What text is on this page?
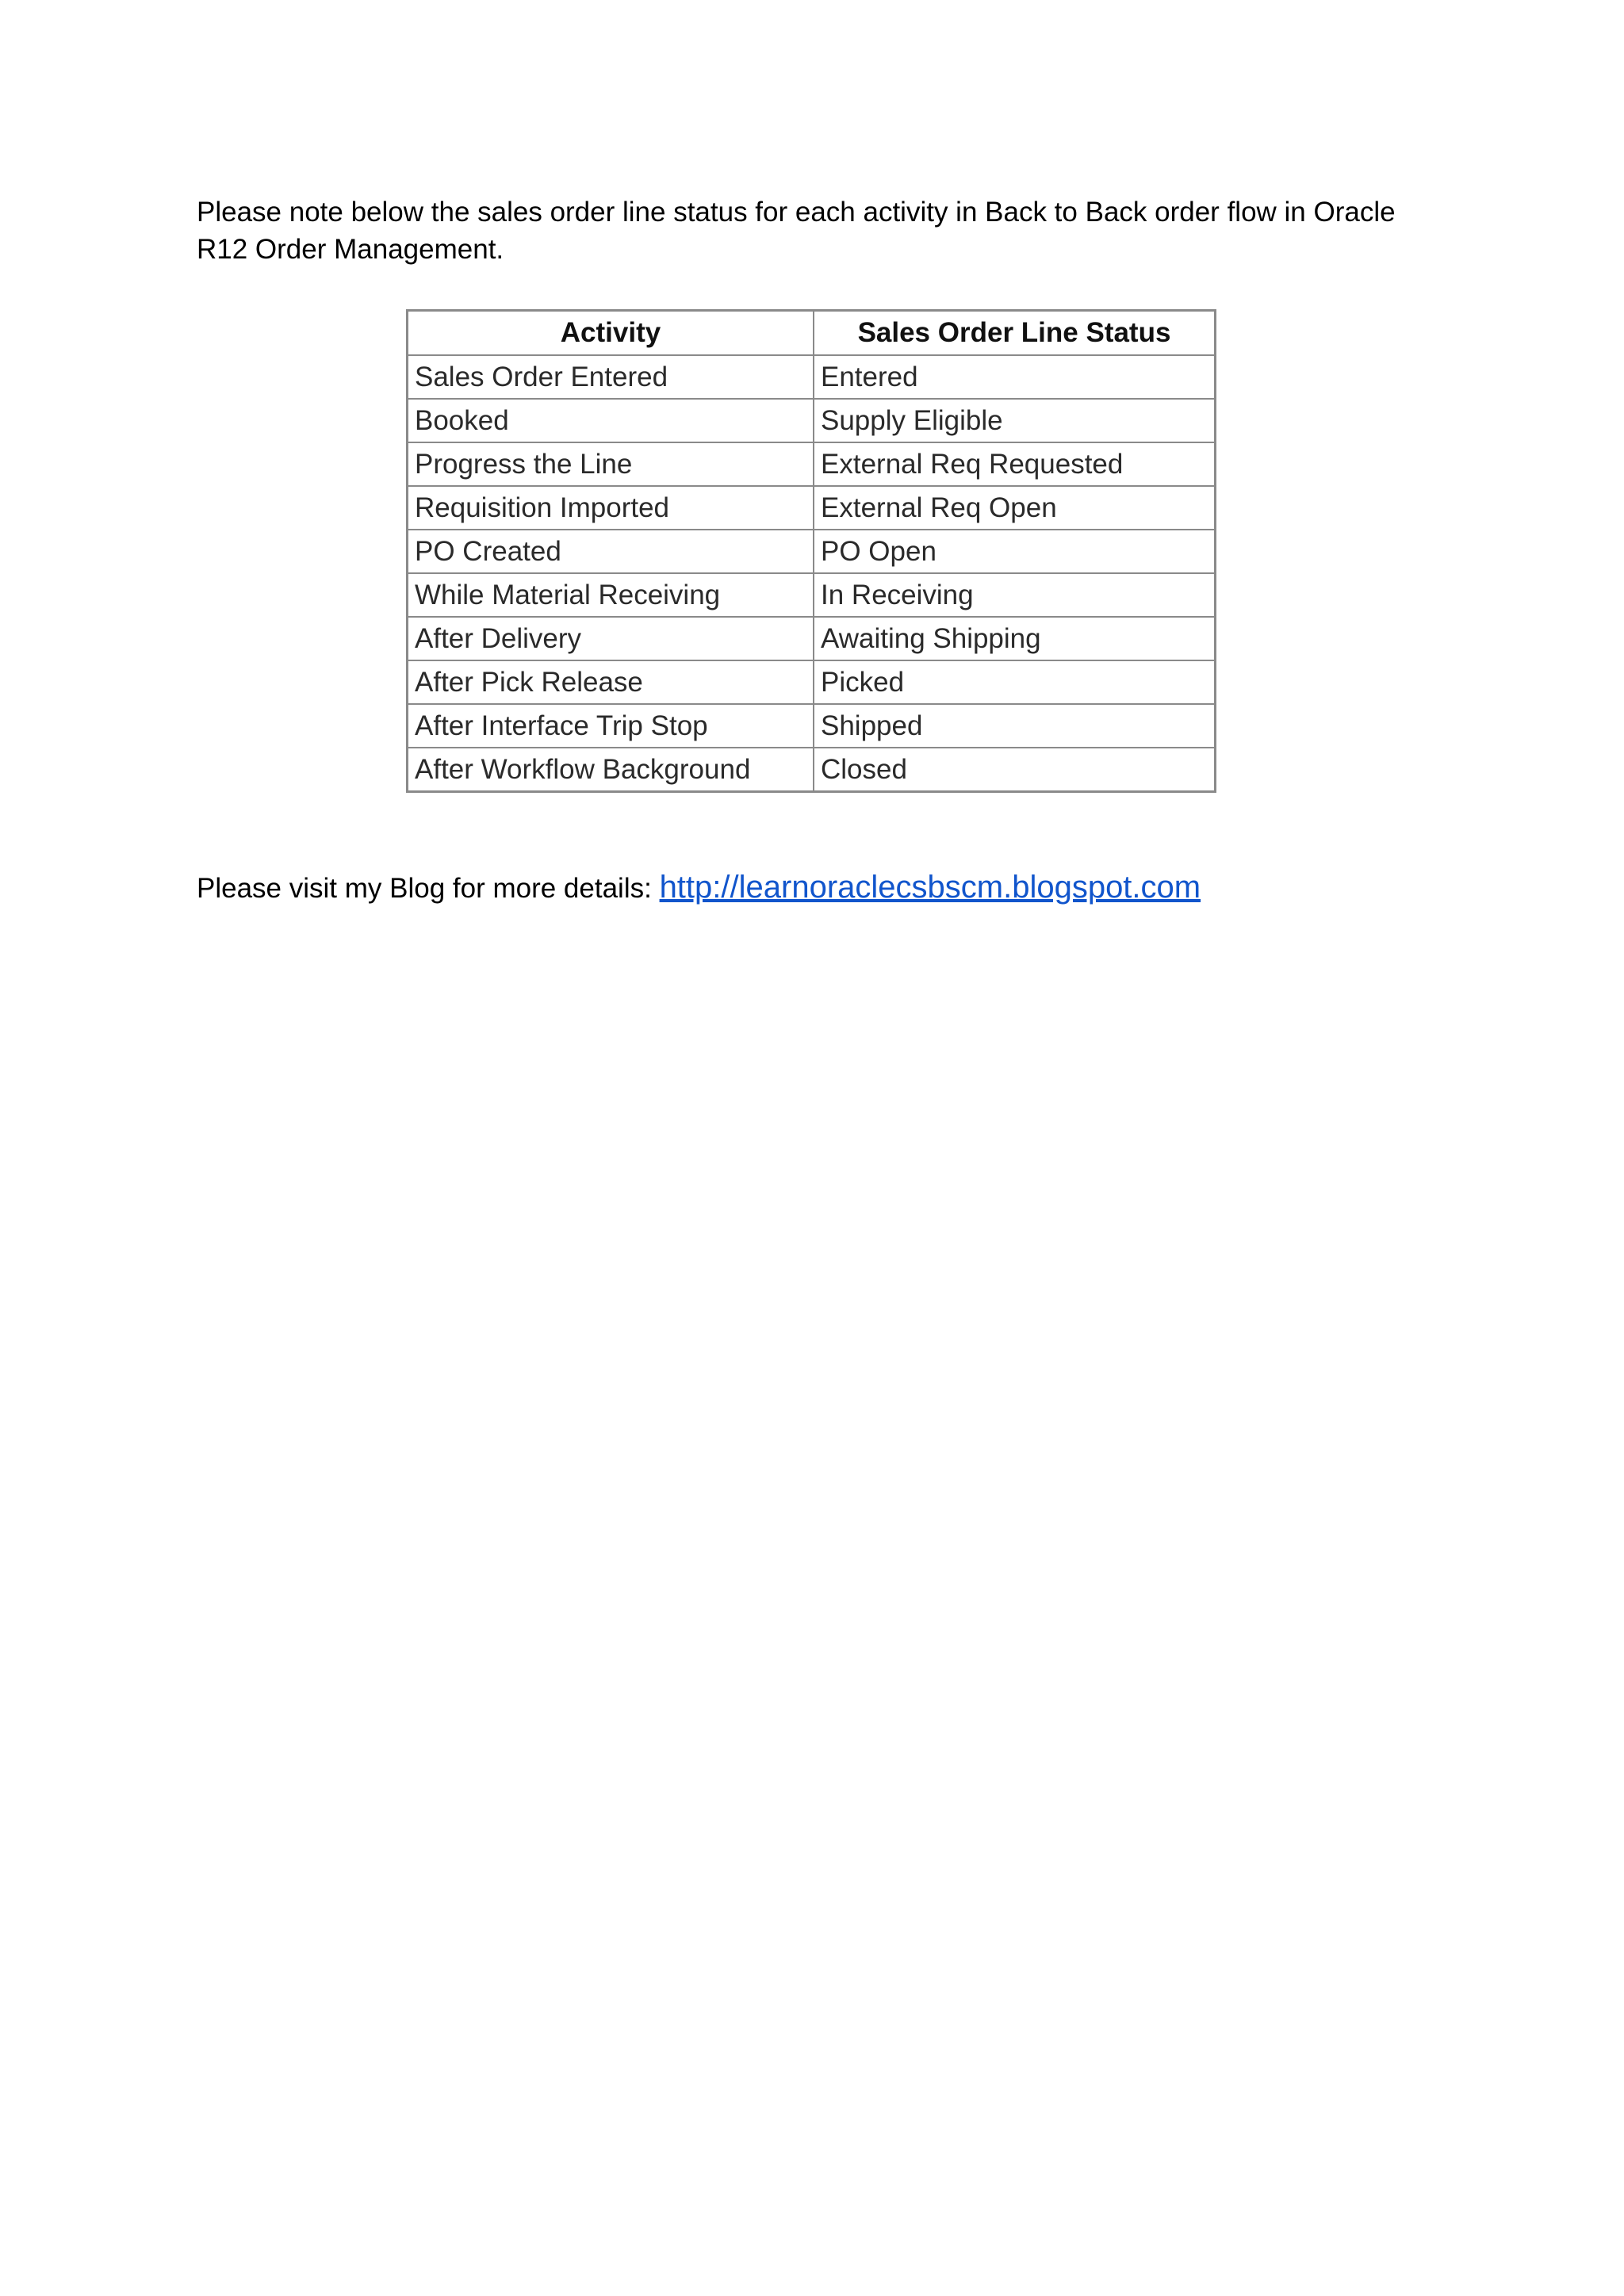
Please note below the sales order line status for each activity in Back to Back order flow in Oracle R12 Order Management.

Activity	Sales Order Line Status
Sales Order Entered	Entered
Booked	Supply Eligible
Progress the Line	External Req Requested
Requisition Imported	External Req Open
PO Created	PO Open
While Material Receiving	In Receiving
After Delivery	Awaiting Shipping
After Pick Release	Picked
After Interface Trip Stop	Shipped
After Workflow Background	Closed

Please visit my Blog for more details: http://learnoraclecsbscm.blogspot.com
